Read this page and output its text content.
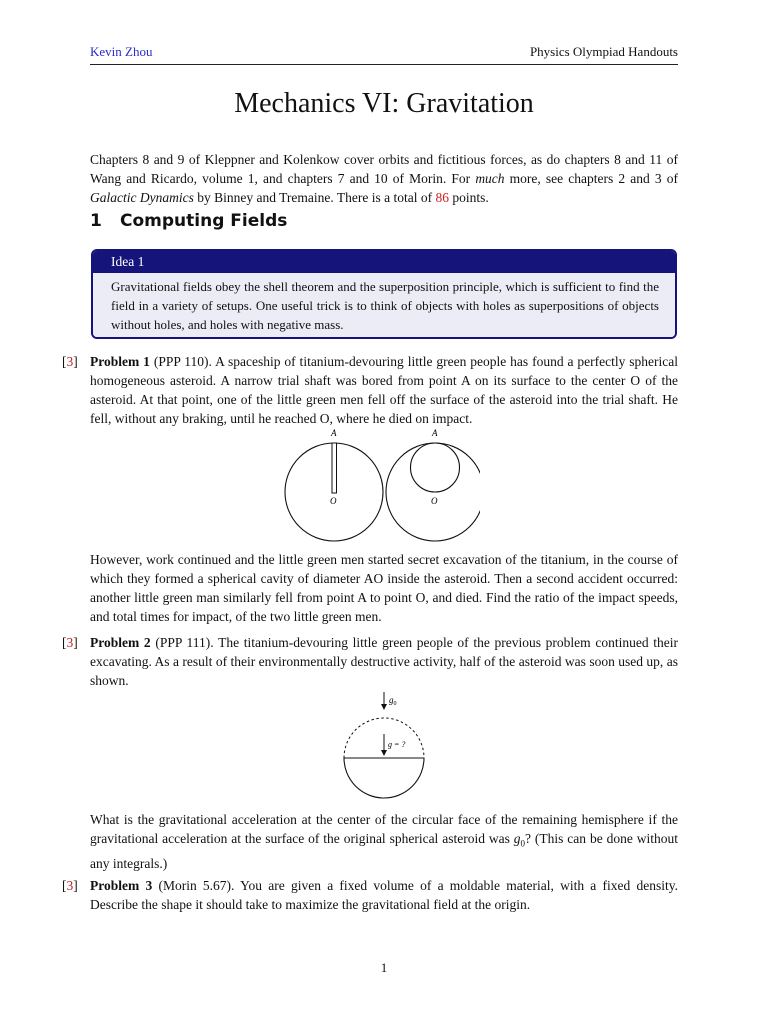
Kevin Zhou	Physics Olympiad Handouts
Mechanics VI: Gravitation
Chapters 8 and 9 of Kleppner and Kolenkow cover orbits and fictitious forces, as do chapters 8 and 11 of Wang and Ricardo, volume 1, and chapters 7 and 10 of Morin. For much more, see chapters 2 and 3 of Galactic Dynamics by Binney and Tremaine. There is a total of 86 points.
1 Computing Fields
Idea 1
Gravitational fields obey the shell theorem and the superposition principle, which is sufficient to find the field in a variety of setups. One useful trick is to think of objects with holes as superpositions of objects without holes, and holes with negative mass.
[3] Problem 1 (PPP 110). A spaceship of titanium-devouring little green people has found a perfectly spherical homogeneous asteroid. A narrow trial shaft was bored from point A on its surface to the center O of the asteroid. At that point, one of the little green men fell off the surface of the asteroid into the trial shaft. He fell, without any braking, until he reached O, where he died on impact.
A
O
A
O
However, work continued and the little green men started secret excavation of the titanium, in the course of which they formed a spherical cavity of diameter AO inside the asteroid. Then a second accident occurred: another little green man similarly fell from point A to point O, and died. Find the ratio of the impact speeds, and total times for impact, of the two little green men.
[3] Problem 2 (PPP 111). The titanium-devouring little green people of the previous problem continued their excavating. As a result of their environmentally destructive activity, half of the asteroid was soon used up, as shown.
$g_0$
g = ?
What is the gravitational acceleration at the center of the circular face of the remaining hemisphere if the gravitational acceleration at the surface of the original spherical asteroid was $g_0$? (This can be done without any integrals.)
[3] Problem 3 (Morin 5.67). You are given a fixed volume of a moldable material, with a fixed density. Describe the shape it should take to maximize the gravitational field at the origin.
1
